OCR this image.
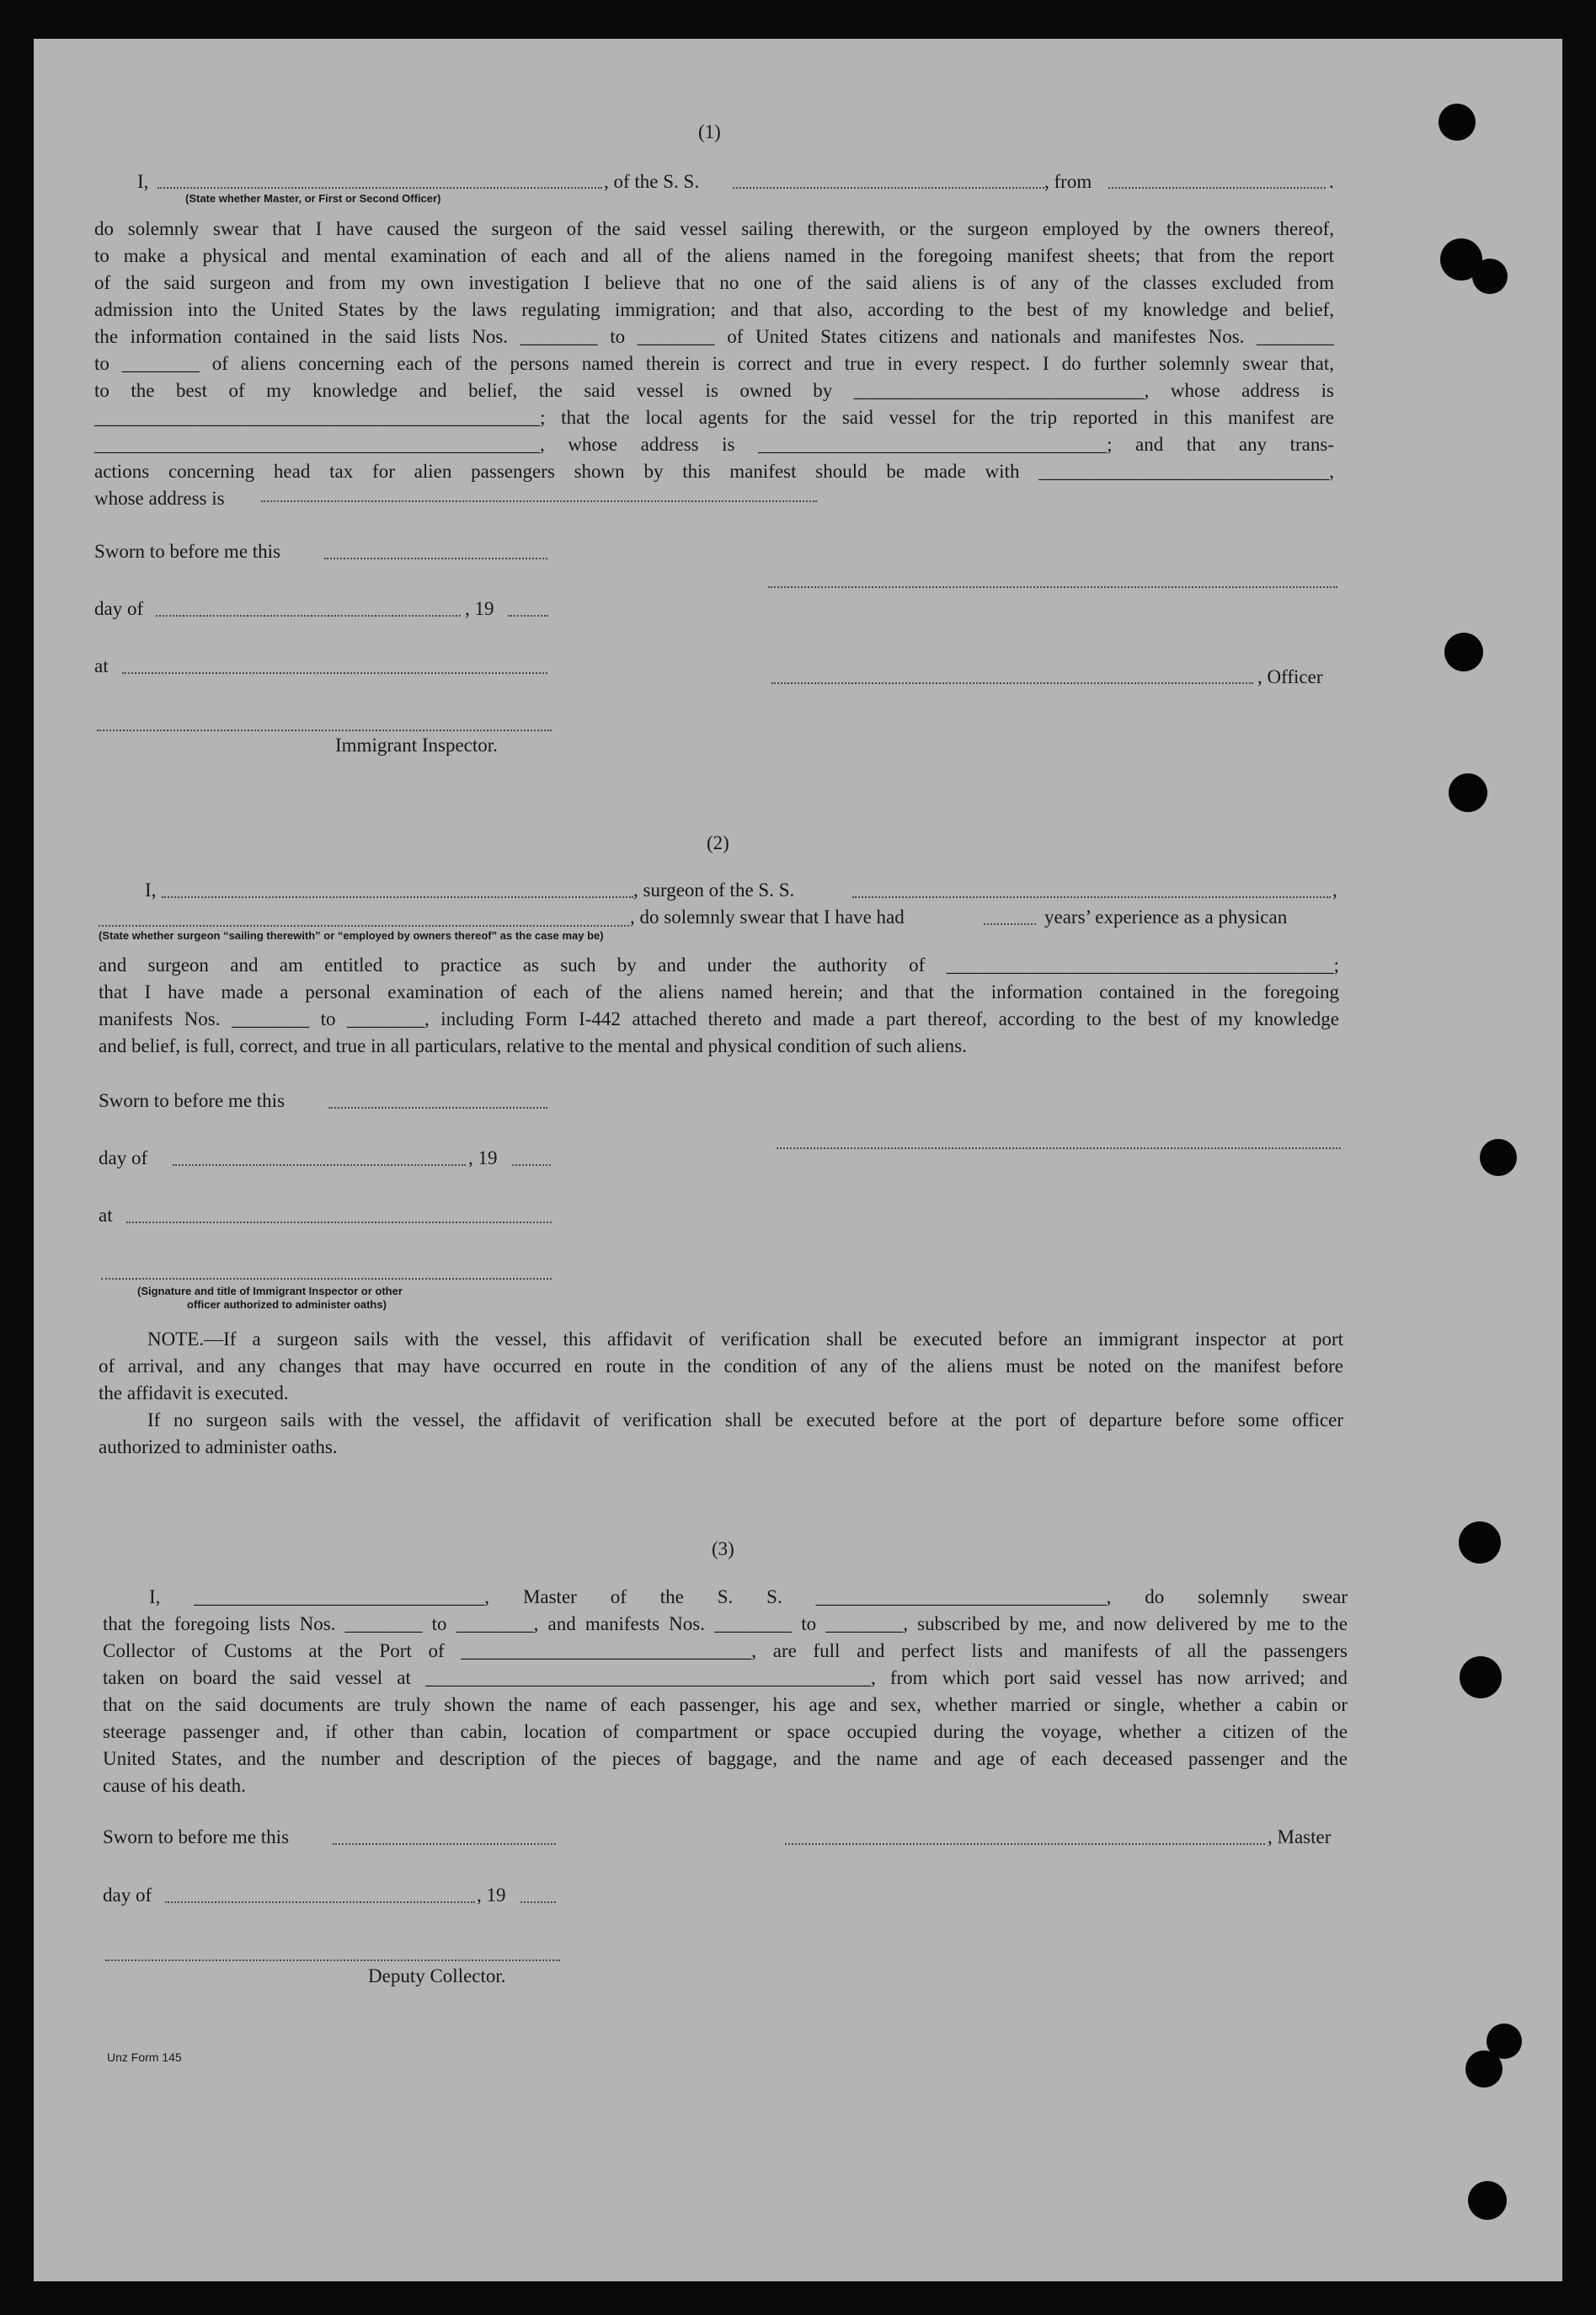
(1)
I,	, of the S. S.	, from	.
(State whether Master, or First or Second Officer)
do solemnly swear that I have caused the surgeon of the said vessel sailing therewith, or the surgeon employed by the owners thereof,
to make a physical and mental examination of each and all of the aliens named in the foregoing manifest sheets; that from the report
of the said surgeon and from my own investigation I believe that no one of the said aliens is of any of the classes excluded from
admission into the United States by the laws regulating immigration; and that also, according to the best of my knowledge and belief,
the information contained in the said lists Nos. ________ to ________ of United States citizens and nationals and manifestes Nos. ________
to ________ of aliens concerning each of the persons named therein is correct and true in every respect. I do further solemnly swear that,
to the best of my knowledge and belief, the said vessel is owned by ______________________________, whose address is
______________________________________________; that the local agents for the said vessel for the trip reported in this manifest are
______________________________________________, whose address is ____________________________________; and that any trans-
actions concerning head tax for alien passengers shown by this manifest should be made with ______________________________,
whose address is
Sworn to before me this
day of	, 19
at
, Officer
Immigrant Inspector.
(2)
I,	, surgeon of the S. S.	,
, do solemnly swear that I have had	years’ experience as a physican
(State whether surgeon “sailing therewith” or “employed by owners thereof” as the case may be)
and surgeon and am entitled to practice as such by and under the authority of ________________________________________;
that I have made a personal examination of each of the aliens named herein; and that the information contained in the foregoing
manifests Nos. ________ to ________, including Form I-442 attached thereto and made a part thereof, according to the best of my knowledge
and belief, is full, correct, and true in all particulars, relative to the mental and physical condition of such aliens.
Sworn to before me this
day of	, 19
at
(Signature and title of Immigrant Inspector or other
officer authorized to administer oaths)
NOTE.—If a surgeon sails with the vessel, this affidavit of verification shall be executed before an immigrant inspector at port
of arrival, and any changes that may have occurred en route in the condition of any of the aliens must be noted on the manifest before
the affidavit is executed.
If no surgeon sails with the vessel, the affidavit of verification shall be executed before at the port of departure before some officer
authorized to administer oaths.
(3)
I, ______________________________, Master of the S. S. ______________________________, do solemnly swear
that the foregoing lists Nos. ________ to ________, and manifests Nos. ________ to ________, subscribed by me, and now delivered by me to the
Collector of Customs at the Port of ______________________________, are full and perfect lists and manifests of all the passengers
taken on board the said vessel at ______________________________________________, from which port said vessel has now arrived; and
that on the said documents are truly shown the name of each passenger, his age and sex, whether married or single, whether a cabin or
steerage passenger and, if other than cabin, location of compartment or space occupied during the voyage, whether a citizen of the
United States, and the number and description of the pieces of baggage, and the name and age of each deceased passenger and the
cause of his death.
Sworn to before me this	, Master
day of	, 19
Deputy Collector.
Unz Form 145
